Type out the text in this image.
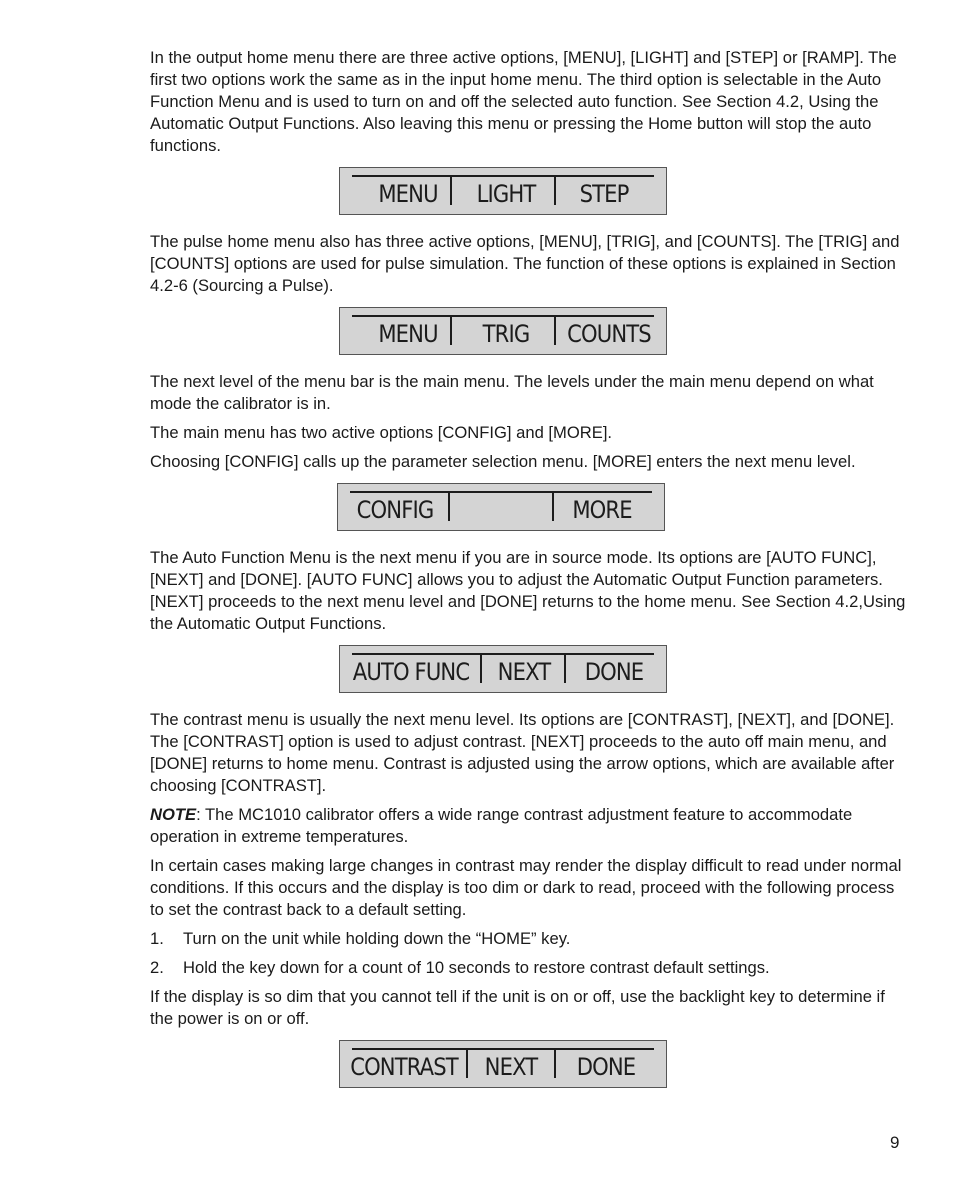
In the output home menu there are three active options, [MENU], [LIGHT] and [STEP] or [RAMP]. The first two options work the same as in the input home menu. The third option is selectable in the Auto Function Menu and is used to turn on and off the selected auto function. See Section 4.2, Using the Automatic Output Functions. Also leaving this menu or pressing the Home button will stop the auto functions.

MENU LIGHT	STEP

The pulse home menu also has three active options, [MENU], [TRIG], and [COUNTS]. The [TRIG] and [COUNTS] options are used for pulse simulation. The function of these options is explained in Section 4.2-6 (Sourcing a Pulse).

MENU	TRIG	COUNTS

The next level of the menu bar is the main menu. The levels under the main menu depend on what mode the calibrator is in.

The main menu has two active options [CONFIG] and [MORE].

Choosing [CONFIG] calls up the parameter selection menu. [MORE] enters the next menu level.

CONFIG	MORE

The Auto Function Menu is the next menu if you are in source mode. Its options are [AUTO FUNC], [NEXT] and [DONE]. [AUTO FUNC] allows you to adjust the Automatic Output Function parameters. [NEXT] proceeds to the next menu level and [DONE] returns to the home menu. See Section 4.2,Using the Automatic Output Functions.

AUTO FUNC NEXT DONE

The contrast menu is usually the next menu level. Its options are [CONTRAST], [NEXT], and [DONE]. The [CONTRAST] option is used to adjust contrast. [NEXT] proceeds to the auto off main menu, and [DONE] returns to home menu. Contrast is adjusted using the arrow options, which are available after choosing [CONTRAST].

NOTE: The MC1010 calibrator offers a wide range contrast adjustment feature to accommodate operation in extreme temperatures.

In certain cases making large changes in contrast may render the display difficult to read under normal conditions. If this occurs and the display is too dim or dark to read, proceed with the following process to set the contrast back to a default setting.

1. Turn on the unit while holding down the “HOME” key.
2. Hold the key down for a count of 10 seconds to restore contrast default settings.

If the display is so dim that you cannot tell if the unit is on or off, use the backlight key to determine if the power is on or off.

CONTRAST	NEXT	DONE
9
